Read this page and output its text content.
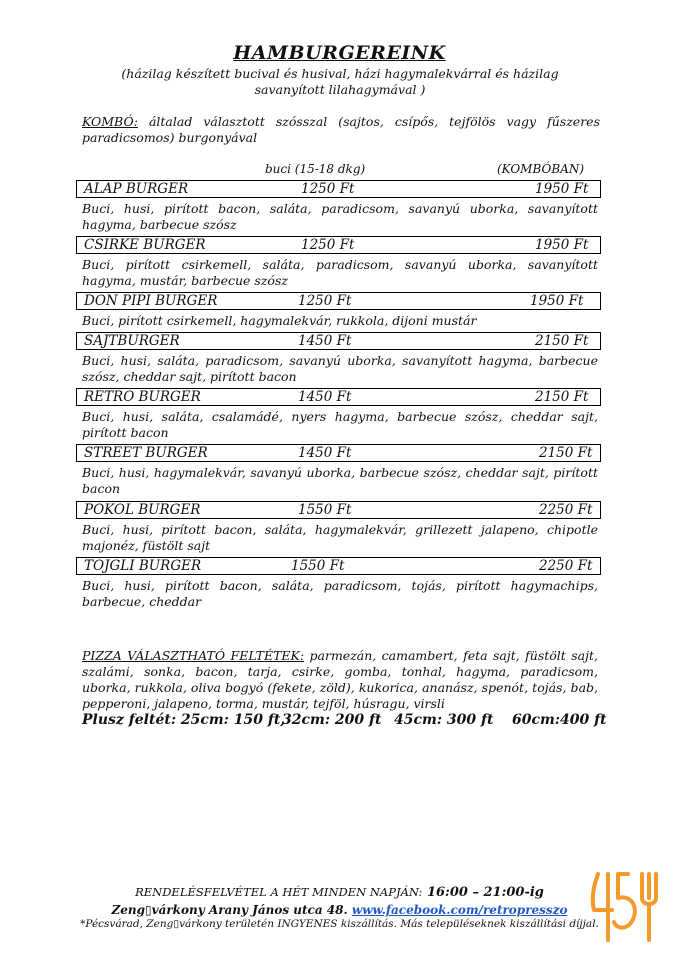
HAMBURGEREINK
(házilag készített bucival és husival, házi hagymalekvárral és házilag savanyított lilahagymával )
KOMBÓ: általad választott szósszal (sajtos, csípős, tejfölös vagy fűszeres paradicsomos) burgonyával
buci (15-18 dkg)	(KOMBÓBAN)
ALAP BURGER	1250 Ft	1950 Ft
Buci, husi, pirított bacon, saláta, paradicsom, savanyú uborka, savanyított hagyma, barbecue szósz
CSIRKE BURGER	1250 Ft	1950 Ft
Buci, pirított csirkemell, saláta, paradicsom, savanyú uborka, savanyított hagyma, mustár, barbecue szósz
DON PIPI BURGER	1250 Ft	1950 Ft
Buci, pirított csirkemell, hagymalekvár, rukkola, dijoni mustár
SAJTBURGER	1450 Ft	2150 Ft
Buci, husi, saláta, paradicsom, savanyú uborka, savanyított hagyma, barbecue szósz, cheddar sajt, pirított bacon
RETRO BURGER	1450 Ft	2150 Ft
Buci, husi, saláta, csalamádé, nyers hagyma, barbecue szósz, cheddar sajt, pirított bacon
STREET BURGER	1450 Ft	2150 Ft
Buci, husi, hagymalekvár, savanyú uborka, barbecue szósz, cheddar sajt, pirított bacon
POKOL BURGER	1550 Ft	2250 Ft
Buci, husi, pirított bacon, saláta, hagymalekvár, grillezett jalapeno, chipotle majonéz, füstölt sajt
TOJGLI BURGER	1550 Ft	2250 Ft
Buci, husi, pirított bacon, saláta, paradicsom, tojás, pirított hagymachips, barbecue, cheddar
PIZZA VÁLASZTHATÓ FELTÉTEK: parmezán, camambert, feta sajt, füstölt sajt, szalámi, sonka, bacon, tarja, csirke, gomba, tonhal, hagyma, paradicsom, uborka, rukkola, oliva bogyó (fekete, zöld), kukorica, ananász, spenót, tojás, bab, pepperoni, jalapeno, torma, mustár, tejföl, húsragu, virsli
Plusz feltét: 25cm: 150 ft,
32cm: 200 ft 45cm: 300 ft 60cm:400 ft
RENDELÉSFELVÉTEL A HÉT MINDEN NAPJÁN: 16:00 – 21:00-ig
Zeng▯várkony Arany János utca 48. www.facebook.com/retropresszo
*Pécsvárad, Zeng▯várkony területén INGYENES kiszállítás. Más településeknek kiszállítási díjjal.
